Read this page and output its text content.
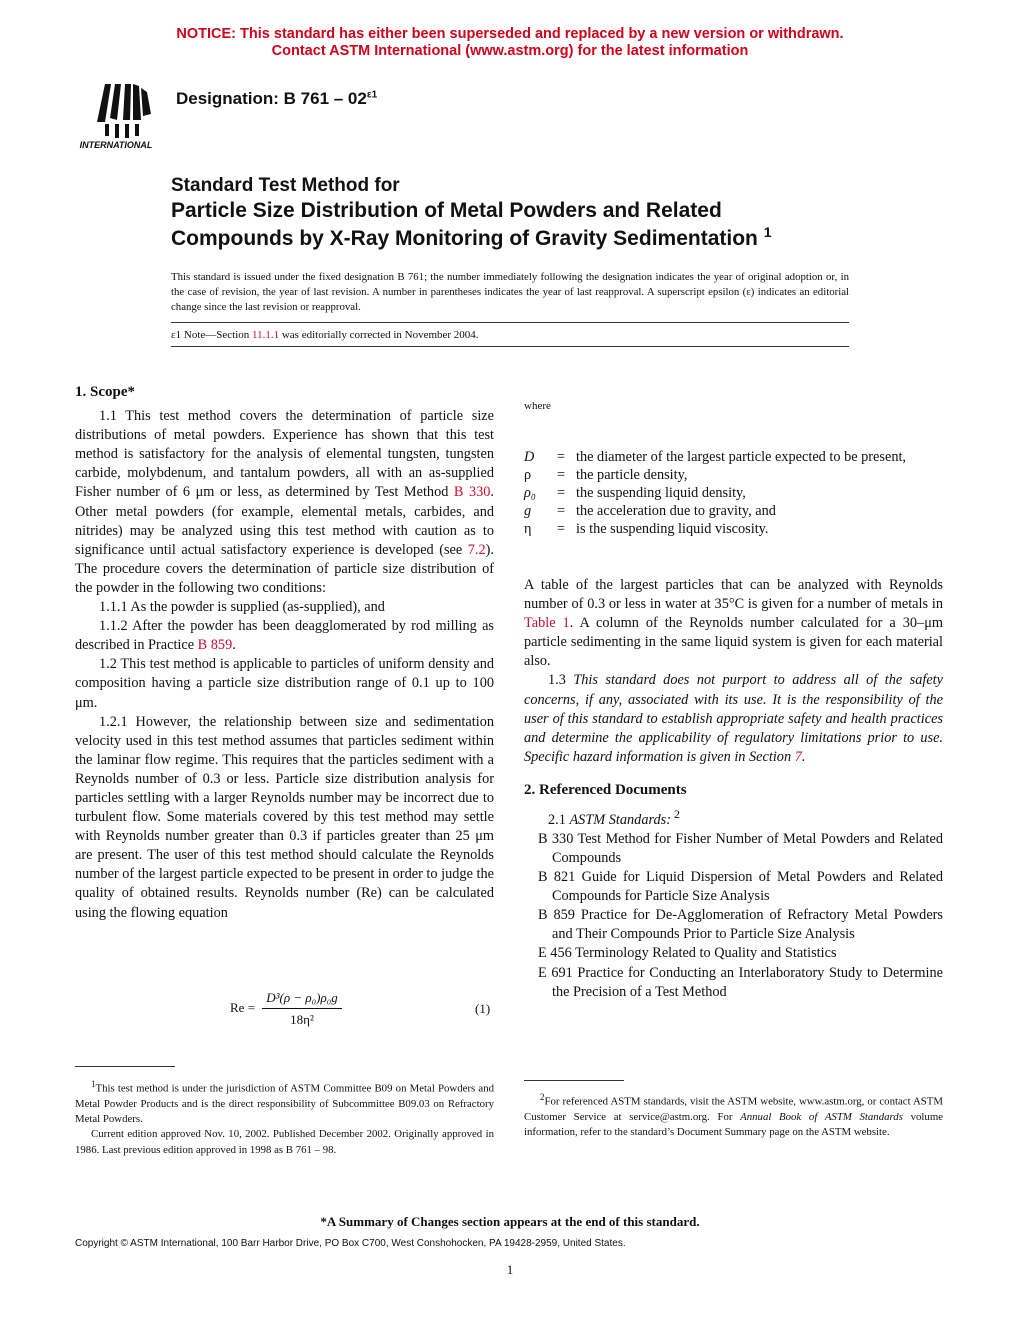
NOTICE: This standard has either been superseded and replaced by a new version or withdrawn.
Contact ASTM International (www.astm.org) for the latest information
INTERNATIONAL
Designation: B $761 - 02^{\varepsilon 1}$
Standard Test Method for
Particle Size Distribution of Metal Powders and Related
Compounds by X-Ray Monitoring of Gravity Sedimentation $^1$
This standard is issued under the fixed designation B 761; the number immediately following the designation indicates the year of original adoption or, in the case of revision, the year of last revision. A number in parentheses indicates the year of last reapproval. A superscript epsilon (ε) indicates an editorial change since the last revision or reapproval.
ε1 Note—Section 11.1.1 was editorially corrected in November 2004.

1. Scope*

1.1 This test method covers the determination of particle size distributions of metal powders. Experience has shown that this test method is satisfactory for the analysis of elemental tungsten, tungsten carbide, molybdenum, and tantalum powders, all with an as-supplied Fisher number of 6 μm or less, as determined by Test Method B 330. Other metal powders (for example, elemental metals, carbides, and nitrides) may be analyzed using this test method with caution as to significance until actual satisfactory experience is developed (see 7.2). The procedure covers the determination of particle size distribution of the powder in the following two conditions:

1.1.1 As the powder is supplied (as-supplied), and

1.1.2 After the powder has been deagglomerated by rod milling as described in Practice B 859.

1.2 This test method is applicable to particles of uniform density and composition having a particle size distribution range of 0.1 up to 100 μm.

1.2.1 However, the relationship between size and sedimentation velocity used in this test method assumes that particles sediment within the laminar flow regime. This requires that the particles sediment with a Reynolds number of 0.3 or less. Particle size distribution analysis for particles settling with a larger Reynolds number may be incorrect due to turbulent flow. Some materials covered by this test method may settle with Reynolds number greater than 0.3 if particles greater than 25 μm are present. The user of this test method should calculate the Reynolds number of the largest particle expected to be present in order to judge the quality of obtained results. Reynolds number (Re) can be calculated using the flowing equation

Re =
D³(ρ − ρ₀)ρ₀g
18η²
(1)

$^1$This test method is under the jurisdiction of ASTM Committee B09 on Metal Powders and Metal Powder Products and is the direct responsibility of Subcommittee B09.03 on Refractory Metal Powders.

Current edition approved Nov. 10, 2002. Published December 2002. Originally approved in 1986. Last previous edition approved in 1998 as B 761 – 98.

where
D	=	the diameter of the largest particle expected to be present,
ρ	=	the particle density,
ρ₀	=	the suspending liquid density,
g	=	the acceleration due to gravity, and
η	=	is the suspending liquid viscosity.

A table of the largest particles that can be analyzed with Reynolds number of 0.3 or less in water at 35°C is given for a number of metals in Table 1. A column of the Reynolds number calculated for a 30–μm particle sedimenting in the same liquid system is given for each material also.

1.3 This standard does not purport to address all of the safety concerns, if any, associated with its use. It is the responsibility of the user of this standard to establish appropriate safety and health practices and determine the applicability of regulatory limitations prior to use. Specific hazard information is given in Section 7.

2. Referenced Documents

2.1 ASTM Standards: $^2$

B 330 Test Method for Fisher Number of Metal Powders and Related Compounds

B 821 Guide for Liquid Dispersion of Metal Powders and Related Compounds for Particle Size Analysis

B 859 Practice for De-Agglomeration of Refractory Metal Powders and Their Compounds Prior to Particle Size Analysis

E 456 Terminology Related to Quality and Statistics

E 691 Practice for Conducting an Interlaboratory Study to Determine the Precision of a Test Method

$^2$For referenced ASTM standards, visit the ASTM website, www.astm.org, or contact ASTM Customer Service at service@astm.org. For Annual Book of ASTM Standards volume information, refer to the standard’s Document Summary page on the ASTM website.

*A Summary of Changes section appears at the end of this standard.
Copyright © ASTM International, 100 Barr Harbor Drive, PO Box C700, West Conshohocken, PA 19428-2959, United States.
1
